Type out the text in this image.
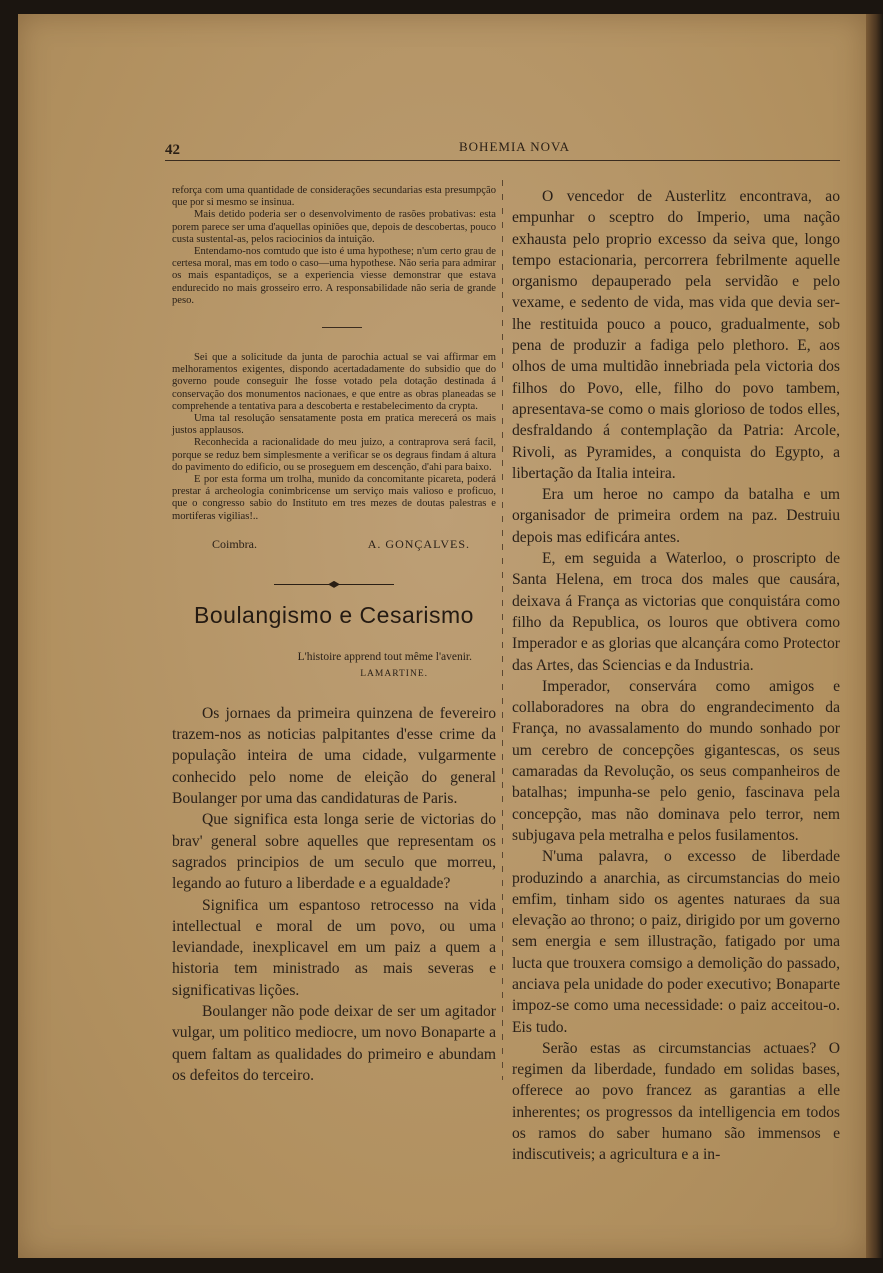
42	BOHEMIA NOVA

reforça com uma quantidade de considerações secundarias esta presumpção que por si mesmo se insinua.

Mais detido poderia ser o desenvolvimento de rasões probativas: esta porem parece ser uma d'aquellas opiniões que, depois de descobertas, pouco custa sustental-as, pelos raciocinios da intuição.

Entendamo-nos comtudo que isto é uma hypothese; n'um certo grau de certesa moral, mas em todo o caso—uma hypothese. Não seria para admirar os mais espantadiços, se a experiencia viesse demonstrar que estava endurecido no mais grosseiro erro. A responsabilidade não seria de grande peso.

Sei que a solicitude da junta de parochia actual se vai affirmar em melhoramentos exigentes, dispondo acertadadamente do subsidio que do governo poude conseguir lhe fosse votado pela dotação destinada á conservação dos monumentos nacionaes, e que entre as obras planeadas se comprehende a tentativa para a descoberta e restabelecimento da crypta.

Uma tal resolução sensatamente posta em pratica merecerá os mais justos applausos.

Reconhecida a racionalidade do meu juizo, a contraprova será facil, porque se reduz bem simplesmente a verificar se os degraus findam á altura do pavimento do edificio, ou se proseguem em descenção, d'ahi para baixo.

E por esta forma um trolha, munido da concomitante picareta, poderá prestar á archeologia conimbricense um serviço mais valioso e proficuo, que o congresso sabio do Instituto em tres mezes de doutas palestras e mortiferas vigilias!..

Coimbra.	A. GONÇALVES.
Boulangismo e Cesarismo
L'histoire apprend tout même l'avenir.
LAMARTINE.

Os jornaes da primeira quinzena de fevereiro trazem-nos as noticias palpitantes d'esse crime da população inteira de uma cidade, vulgarmente conhecido pelo nome de eleição do general Boulanger por uma das candidaturas de Paris.

Que significa esta longa serie de victorias do brav' general sobre aquelles que representam os sagrados principios de um seculo que morreu, legando ao futuro a liberdade e a egualdade?

Significa um espantoso retrocesso na vida intellectual e moral de um povo, ou uma leviandade, inexplicavel em um paiz a quem a historia tem ministrado as mais severas e significativas lições.

Boulanger não pode deixar de ser um agitador vulgar, um politico mediocre, um novo Bonaparte a quem faltam as qualidades do primeiro e abundam os defeitos do terceiro.

O vencedor de Austerlitz encontrava, ao empunhar o sceptro do Imperio, uma nação exhausta pelo proprio excesso da seiva que, longo tempo estacionaria, percorrera febrilmente aquelle organismo depauperado pela servidão e pelo vexame, e sedento de vida, mas vida que devia ser-lhe restituida pouco a pouco, gradualmente, sob pena de produzir a fadiga pelo plethoro. E, aos olhos de uma multidão innebriada pela victoria dos filhos do Povo, elle, filho do povo tambem, apresentava-se como o mais glorioso de todos elles, desfraldando á contemplação da Patria: Arcole, Rivoli, as Pyramides, a conquista do Egypto, a libertação da Italia inteira.

Era um heroe no campo da batalha e um organisador de primeira ordem na paz. Destruiu depois mas edificára antes.

E, em seguida a Waterloo, o proscripto de Santa Helena, em troca dos males que causára, deixava á França as victorias que conquistára como filho da Republica, os louros que obtivera como Imperador e as glorias que alcançára como Protector das Artes, das Sciencias e da Industria.

Imperador, conservára como amigos e collaboradores na obra do engrandecimento da França, no avassalamento do mundo sonhado por um cerebro de concepções gigantescas, os seus camaradas da Revolução, os seus companheiros de batalhas; impunha-se pelo genio, fascinava pela concepção, mas não dominava pelo terror, nem subjugava pela metralha e pelos fusilamentos.

N'uma palavra, o excesso de liberdade produzindo a anarchia, as circumstancias do meio emfim, tinham sido os agentes naturaes da sua elevação ao throno; o paiz, dirigido por um governo sem energia e sem illustração, fatigado por uma lucta que trouxera comsigo a demolição do passado, anciava pela unidade do poder executivo; Bonaparte impoz-se como uma necessidade: o paiz acceitou-o. Eis tudo.

Serão estas as circumstancias actuaes? O regimen da liberdade, fundado em solidas bases, offerece ao povo francez as garantias a elle inherentes; os progressos da intelligencia em todos os ramos do saber humano são immensos e indiscutiveis; a agricultura e a in-
